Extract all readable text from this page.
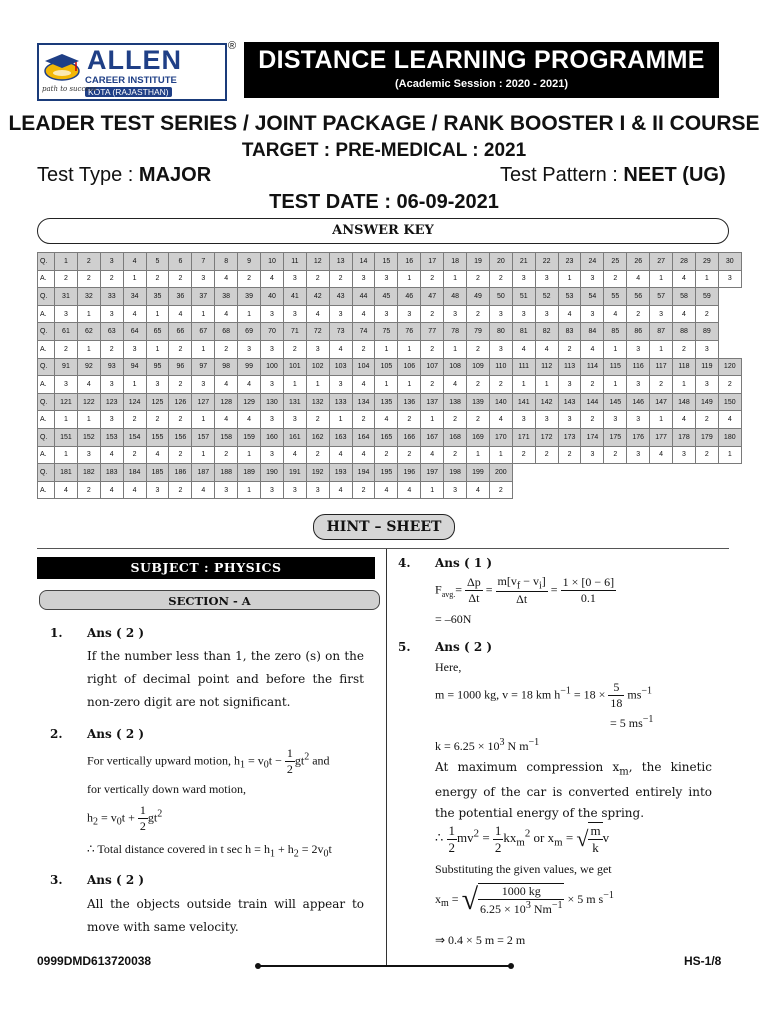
ALLEN
CAREER INSTITUTE
KOTA (RAJASTHAN)
path to success
® DISTANCE LEARNING PROGRAMME
(Academic Session : 2020 - 2021)
LEADER TEST SERIES / JOINT PACKAGE / RANK BOOSTER I & II COURSE
TARGET : PRE-MEDICAL : 2021
Test Type : MAJOR	Test Pattern : NEET (UG)
TEST DATE : 06-09-2021
ANSWER KEY
Q.	1	2	3	4	5	6	7	8	9	10	11	12	13	14	15	16	17	18	19	20	21	22	23	24	25	26	27	28	29	30
A.	2	2	2	1	2	2	3	4	2	4	3	2	2	3	3	1	2	1	2	2	3	3	1	3	2	4	1	4	1	3
Q.	31	32	33	34	35	36	37	38	39	40	41	42	43	44	45	46	47	48	49	50	51	52	53	54	55	56	57	58	59	
A.	3	1	3	4	1	4	1	4	1	3	3	4	3	4	3	3	2	3	2	3	3	3	4	3	4	2	3	4	2	
Q.	61	62	63	64	65	66	67	68	69	70	71	72	73	74	75	76	77	78	79	80	81	82	83	84	85	86	87	88	89	
A.	2	1	2	3	1	2	1	2	3	3	2	3	4	2	1	1	2	1	2	3	4	4	2	4	1	3	1	2	3	
Q.	91	92	93	94	95	96	97	98	99	100	101	102	103	104	105	106	107	108	109	110	111	112	113	114	115	116	117	118	119	120
A.	3	4	3	1	3	2	3	4	4	3	1	1	3	4	1	1	2	4	2	2	1	1	3	2	1	3	2	1	3	2
Q.	121	122	123	124	125	126	127	128	129	130	131	132	133	134	135	136	137	138	139	140	141	142	143	144	145	146	147	148	149	150
A.	1	1	3	2	2	2	1	4	4	3	3	2	1	2	4	2	1	2	2	4	3	3	3	2	3	3	1	4	2	4
Q.	151	152	153	154	155	156	157	158	159	160	161	162	163	164	165	166	167	168	169	170	171	172	173	174	175	176	177	178	179	180
A.	1	3	4	2	4	2	1	2	1	3	4	2	4	4	2	2	4	2	1	1	2	2	2	3	2	3	4	3	2	1
Q.	181	182	183	184	185	186	187	188	189	190	191	192	193	194	195	196	197	198	199	200										
A.	4	2	4	4	3	2	4	3	1	3	3	3	4	2	4	4	1	3	4	2										
HINT – SHEET
SUBJECT : PHYSICS
SECTION - A
1. Ans ( 2 )
If the number less than 1, the zero (s) on the right of decimal point and before the first non-zero digit are not significant.
2. Ans ( 2 )
For vertically upward motion, $h_1 = v_0t - \frac{1}{2} gt^2$ and
for vertically down ward motion,
$h_2 = v_0t + \frac{1}{2} gt^2$
∴ Total distance covered in t $\sec h = h_1 + h_2 = 2v_0t$
3. Ans ( 2 )
All the objects outside train will appear to move with same velocity.
4. Ans ( 1 )
$F_{avg.}= \frac{\Delta p}{\Delta t} = \frac{m[v_f - v_i]}{\Delta t} = \frac{1 \times [0 - 6]}{0.1}$
= –60N
5. Ans ( 2 )
Here,
m = 1000 kg, v = 18 km $h^{-1} = 18 \times \frac{5}{18} ms^{-1}$
= 5 $ms^{-1}$
$k = 6.25 \times 10^3$ N $m^{-1}$
At maximum compression $x_m$, the kinetic energy of the car is converted entirely into the potential energy of the spring.
∴ $\frac{1}{2} mv^2 = \frac{1}{2} kx_m^2$ or $x_m$ = √ $\frac{m}{k}$ v
Substituting the given values, we get
$x_m$ = √ $\frac{1000 kg}{6.25 \times 10^3 Nm^{-1}} \times 5$ m $s^{-1}$
⇒ 0.4 × 5 m = 2 m
0999DMD613720038	HS-1/8
